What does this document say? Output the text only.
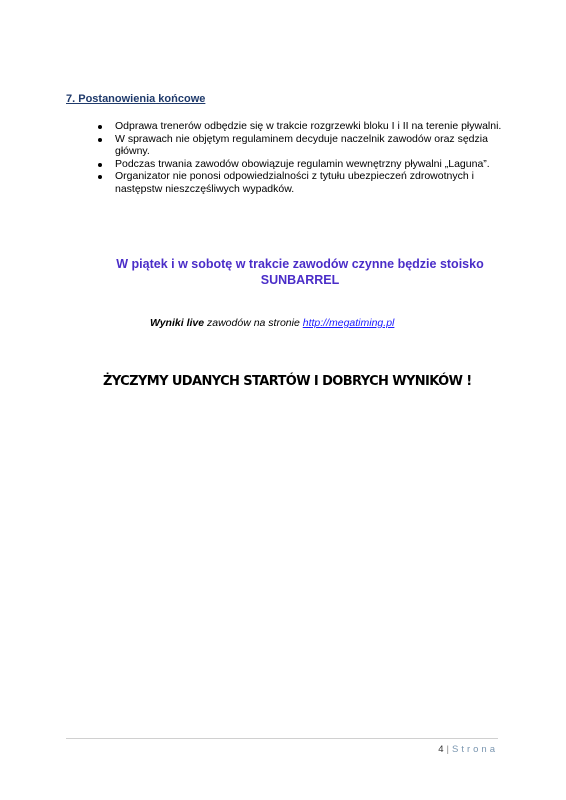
7. Postanowienia końcowe
Odprawa trenerów odbędzie się w trakcie rozgrzewki bloku I i II na terenie pływalni.
W sprawach nie objętym regulaminem decyduje naczelnik zawodów oraz sędzia główny.
Podczas trwania zawodów obowiązuje regulamin wewnętrzny pływalni „Laguna”.
Organizator nie ponosi odpowiedzialności z tytułu ubezpieczeń zdrowotnych i następstw nieszczęśliwych wypadków.

W piątek i w sobotę w trakcie zawodów czynne będzie stoisko
SUNBARREL

Wyniki live zawodów na stronie http://megatiming.pl

ŻYCZYMY UDANYCH STARTÓW I DOBRYCH WYNIKÓW !

4 | Strona
